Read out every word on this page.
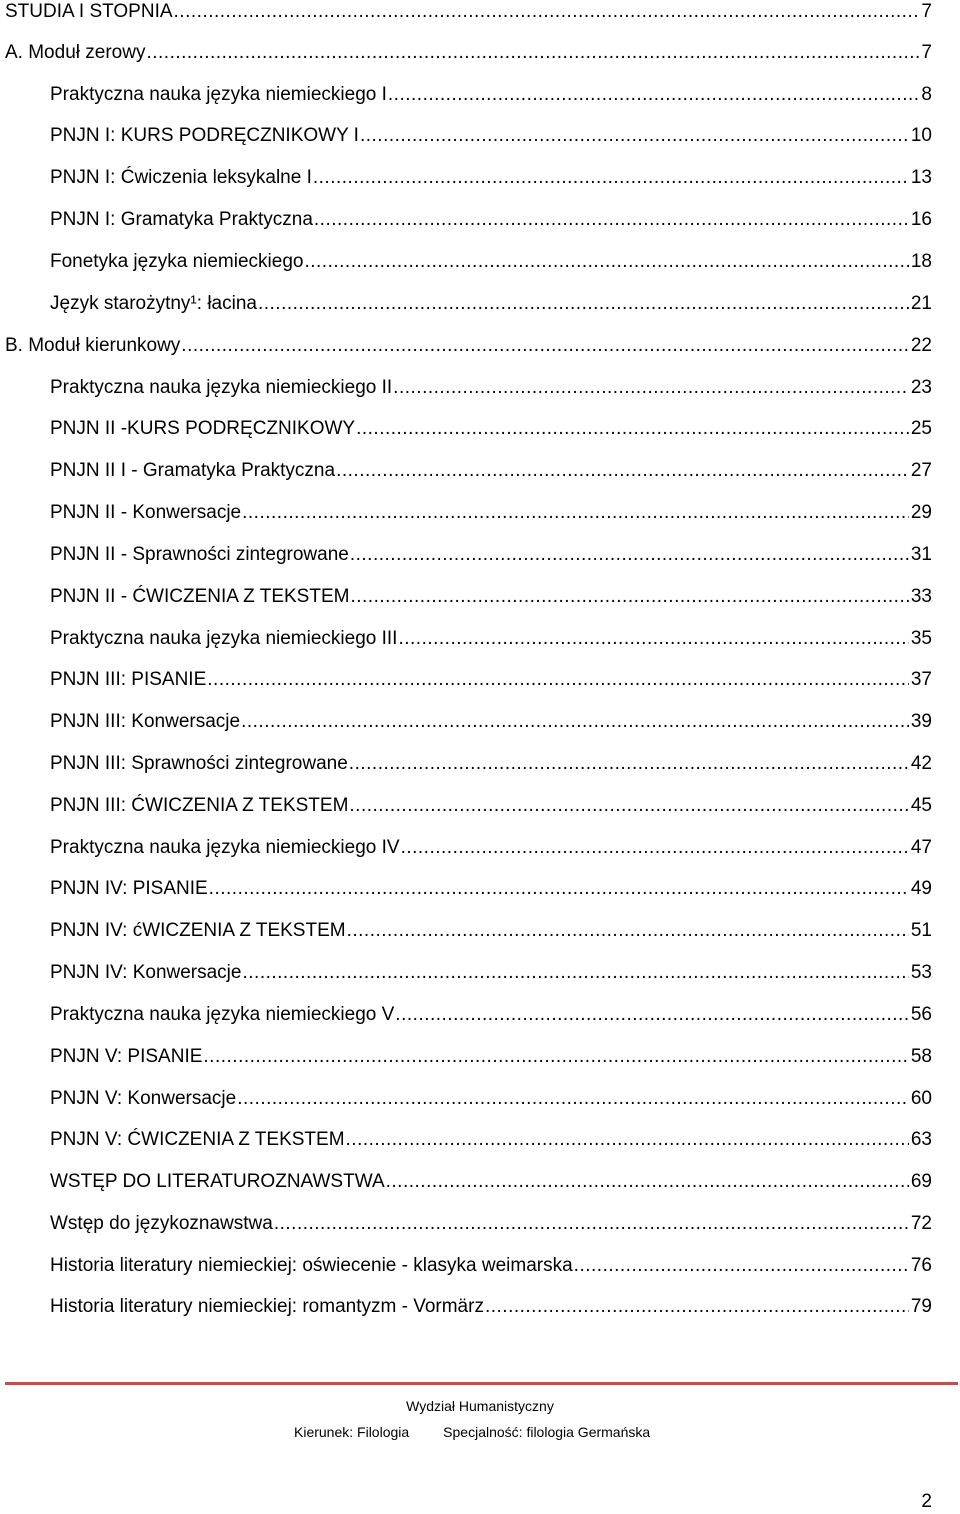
STUDIA I STOPNIA .....	7
A. Moduł zerowy .....	7
Praktyczna nauka języka niemieckiego I .....	8
PNJN I: KURS PODRĘCZNIKOWY I .....	10
PNJN I: Ćwiczenia leksykalne I .....	13
PNJN I: Gramatyka Praktyczna .....	16
Fonetyka języka niemieckiego .....	18
Język starożytny¹: łacina .....	21
B. Moduł kierunkowy .....	22
Praktyczna nauka języka niemieckiego II .....	23
PNJN II -KURS PODRĘCZNIKOWY .....	25
PNJN II I - Gramatyka Praktyczna .....	27
PNJN II - Konwersacje .....	29
PNJN II - Sprawności zintegrowane .....	31
PNJN II - ĆWICZENIA Z TEKSTEM .....	33
Praktyczna nauka języka niemieckiego III .....	35
PNJN III: PISANIE .....	37
PNJN III: Konwersacje .....	39
PNJN III: Sprawności zintegrowane .....	42
PNJN III: ĆWICZENIA Z TEKSTEM .....	45
Praktyczna nauka języka niemieckiego IV .....	47
PNJN IV: PISANIE .....	49
PNJN IV: ćWICZENIA Z TEKSTEM .....	51
PNJN IV: Konwersacje .....	53
Praktyczna nauka języka niemieckiego V .....	56
PNJN V: PISANIE .....	58
PNJN V: Konwersacje .....	60
PNJN V: ĆWICZENIA Z TEKSTEM .....	63
WSTĘP DO LITERATUROZNAWSTWA .....	69
Wstęp do językoznawstwa .....	72
Historia literatury niemieckiej: oświecenie - klasyka weimarska .....	76
Historia literatury niemieckiej: romantyzm - Vormärz .....	79
Wydział Humanistyczny
Kierunek: Filologia Specjalność: filologia Germańska
2
